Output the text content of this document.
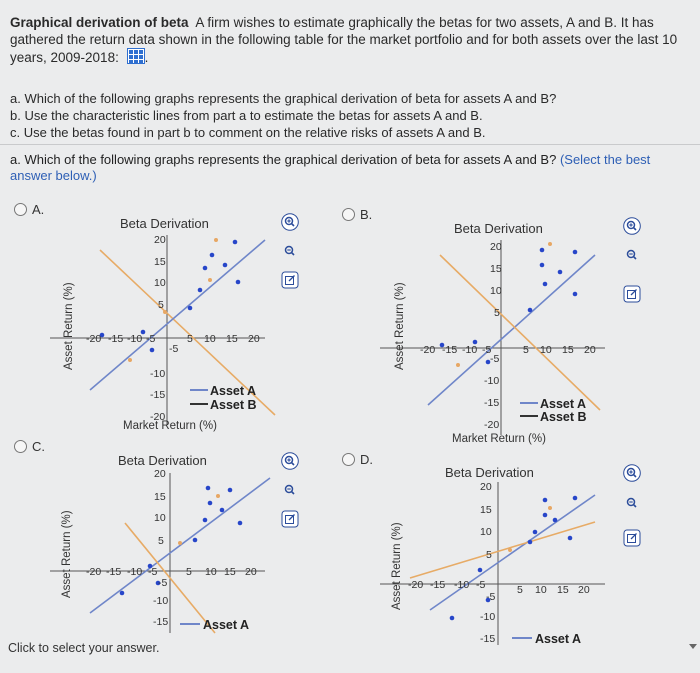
Graphical derivation of beta A firm wishes to estimate graphically the betas for two assets, A and B. It has gathered the return data shown in the following table for the market portfolio and for both assets over the last 10 years, 2009-2018: .
a. Which of the following graphs represents the graphical derivation of beta for assets A and B?
b. Use the characteristic lines from part a to estimate the betas for assets A and B.
c. Use the betas found in part b to comment on the relative risks of assets A and B.
a. Which of the following graphs represents the graphical derivation of beta for assets A and B? (Select the best answer below.)
A.	B.
C.
D.
Beta Derivation
-20 -15 -10 -5	5 10 15 20
20
15
10
5
-5
-10
-15
-20
Asset A
Asset B
Market Return (%)
Asset Return (%)
Beta Derivation
-20 -15 -10 -5	5 10 15 20
20
15
10
5
-5
-10
-15
-20
Asset A
Asset B
Market Return (%)
Asset Return (%)
Beta Derivation
-20 -15 -10 -5	5 10 15 20
20
15
10
5
-5
-10
-15	Asset A
Asset Return (%)
Beta Derivation
-20 -15 -10 -5	5 10 15 20
20
15
10
5
-5
-10
-15	Asset A
Asset Return (%)
Click to select your answer.
